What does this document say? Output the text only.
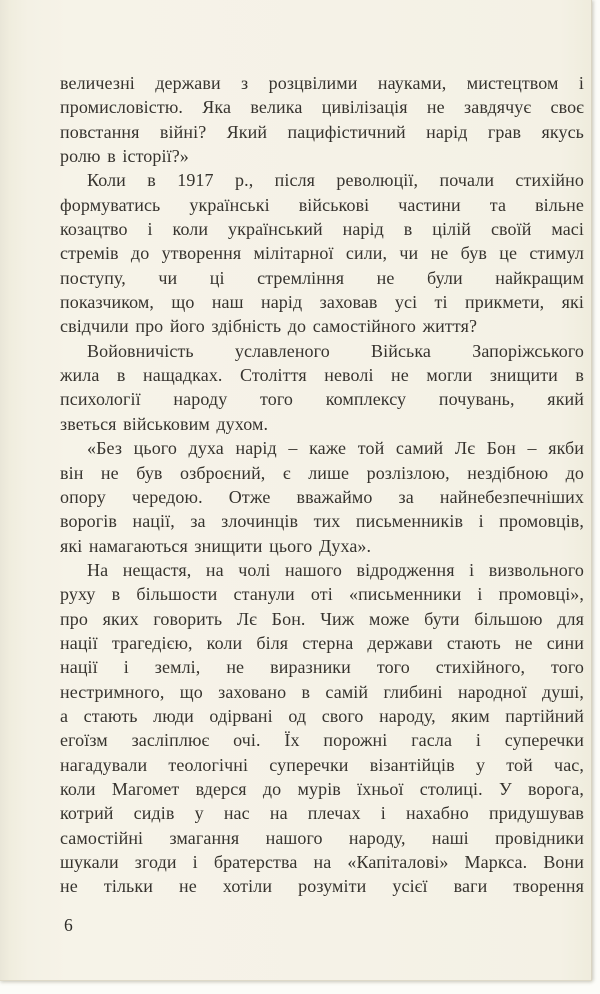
величезні держави з розцвілими науками, мистецтвом і
промисловістю. Яка велика цивілізація не завдячує своє
повстання війні? Який пацифістичний нарід грав якусь
ролю в історії?»
Коли в 1917 р., після революції, почали стихійно
формуватись українські військові частини та вільне
козацтво і коли український нарід в цілій своїй масі
стремів до утворення мілітарної сили, чи не був це стимул
поступу, чи ці стремління не були найкращим
показчиком, що наш нарід заховав усі ті прикмети, які
свідчили про його здібність до самостійного життя?
Войовничість уславленого Війська Запоріжського
жила в нащадках. Століття неволі не могли знищити в
психології народу того комплексу почувань, який
зветься військовим духом.
«Без цього духа нарід – каже той самий Лє Бон – якби
він не був озброєний, є лише розлізлою, нездібною до
опору чередою. Отже вважаймо за найнебезпечніших
ворогів нації, за злочинців тих письменників і промовців,
які намагаються знищити цього Духа».
На нещастя, на чолі нашого відродження і визвольного
руху в більшости станули оті «письменники і промовці»,
про яких говорить Лє Бон. Чиж може бути більшою для
нації трагедією, коли біля стерна держави стають не сини
нації і землі, не виразники того стихійного, того
нестримного, що заховано в самій глибині народної душі,
а стають люди одірвані од свого народу, яким партійний
егоїзм засліплює очі. Їх порожні гасла і суперечки
нагадували теологічні суперечки візантійців у той час,
коли Магомет вдерся до мурів їхньої столиці. У ворога,
котрий сидів у нас на плечах і нахабно придушував
самостійні змагання нашого народу, наші провідники
шукали згоди і братерства на «Капіталові» Маркса. Вони
не тільки не хотіли розуміти усієї ваги творення
6
